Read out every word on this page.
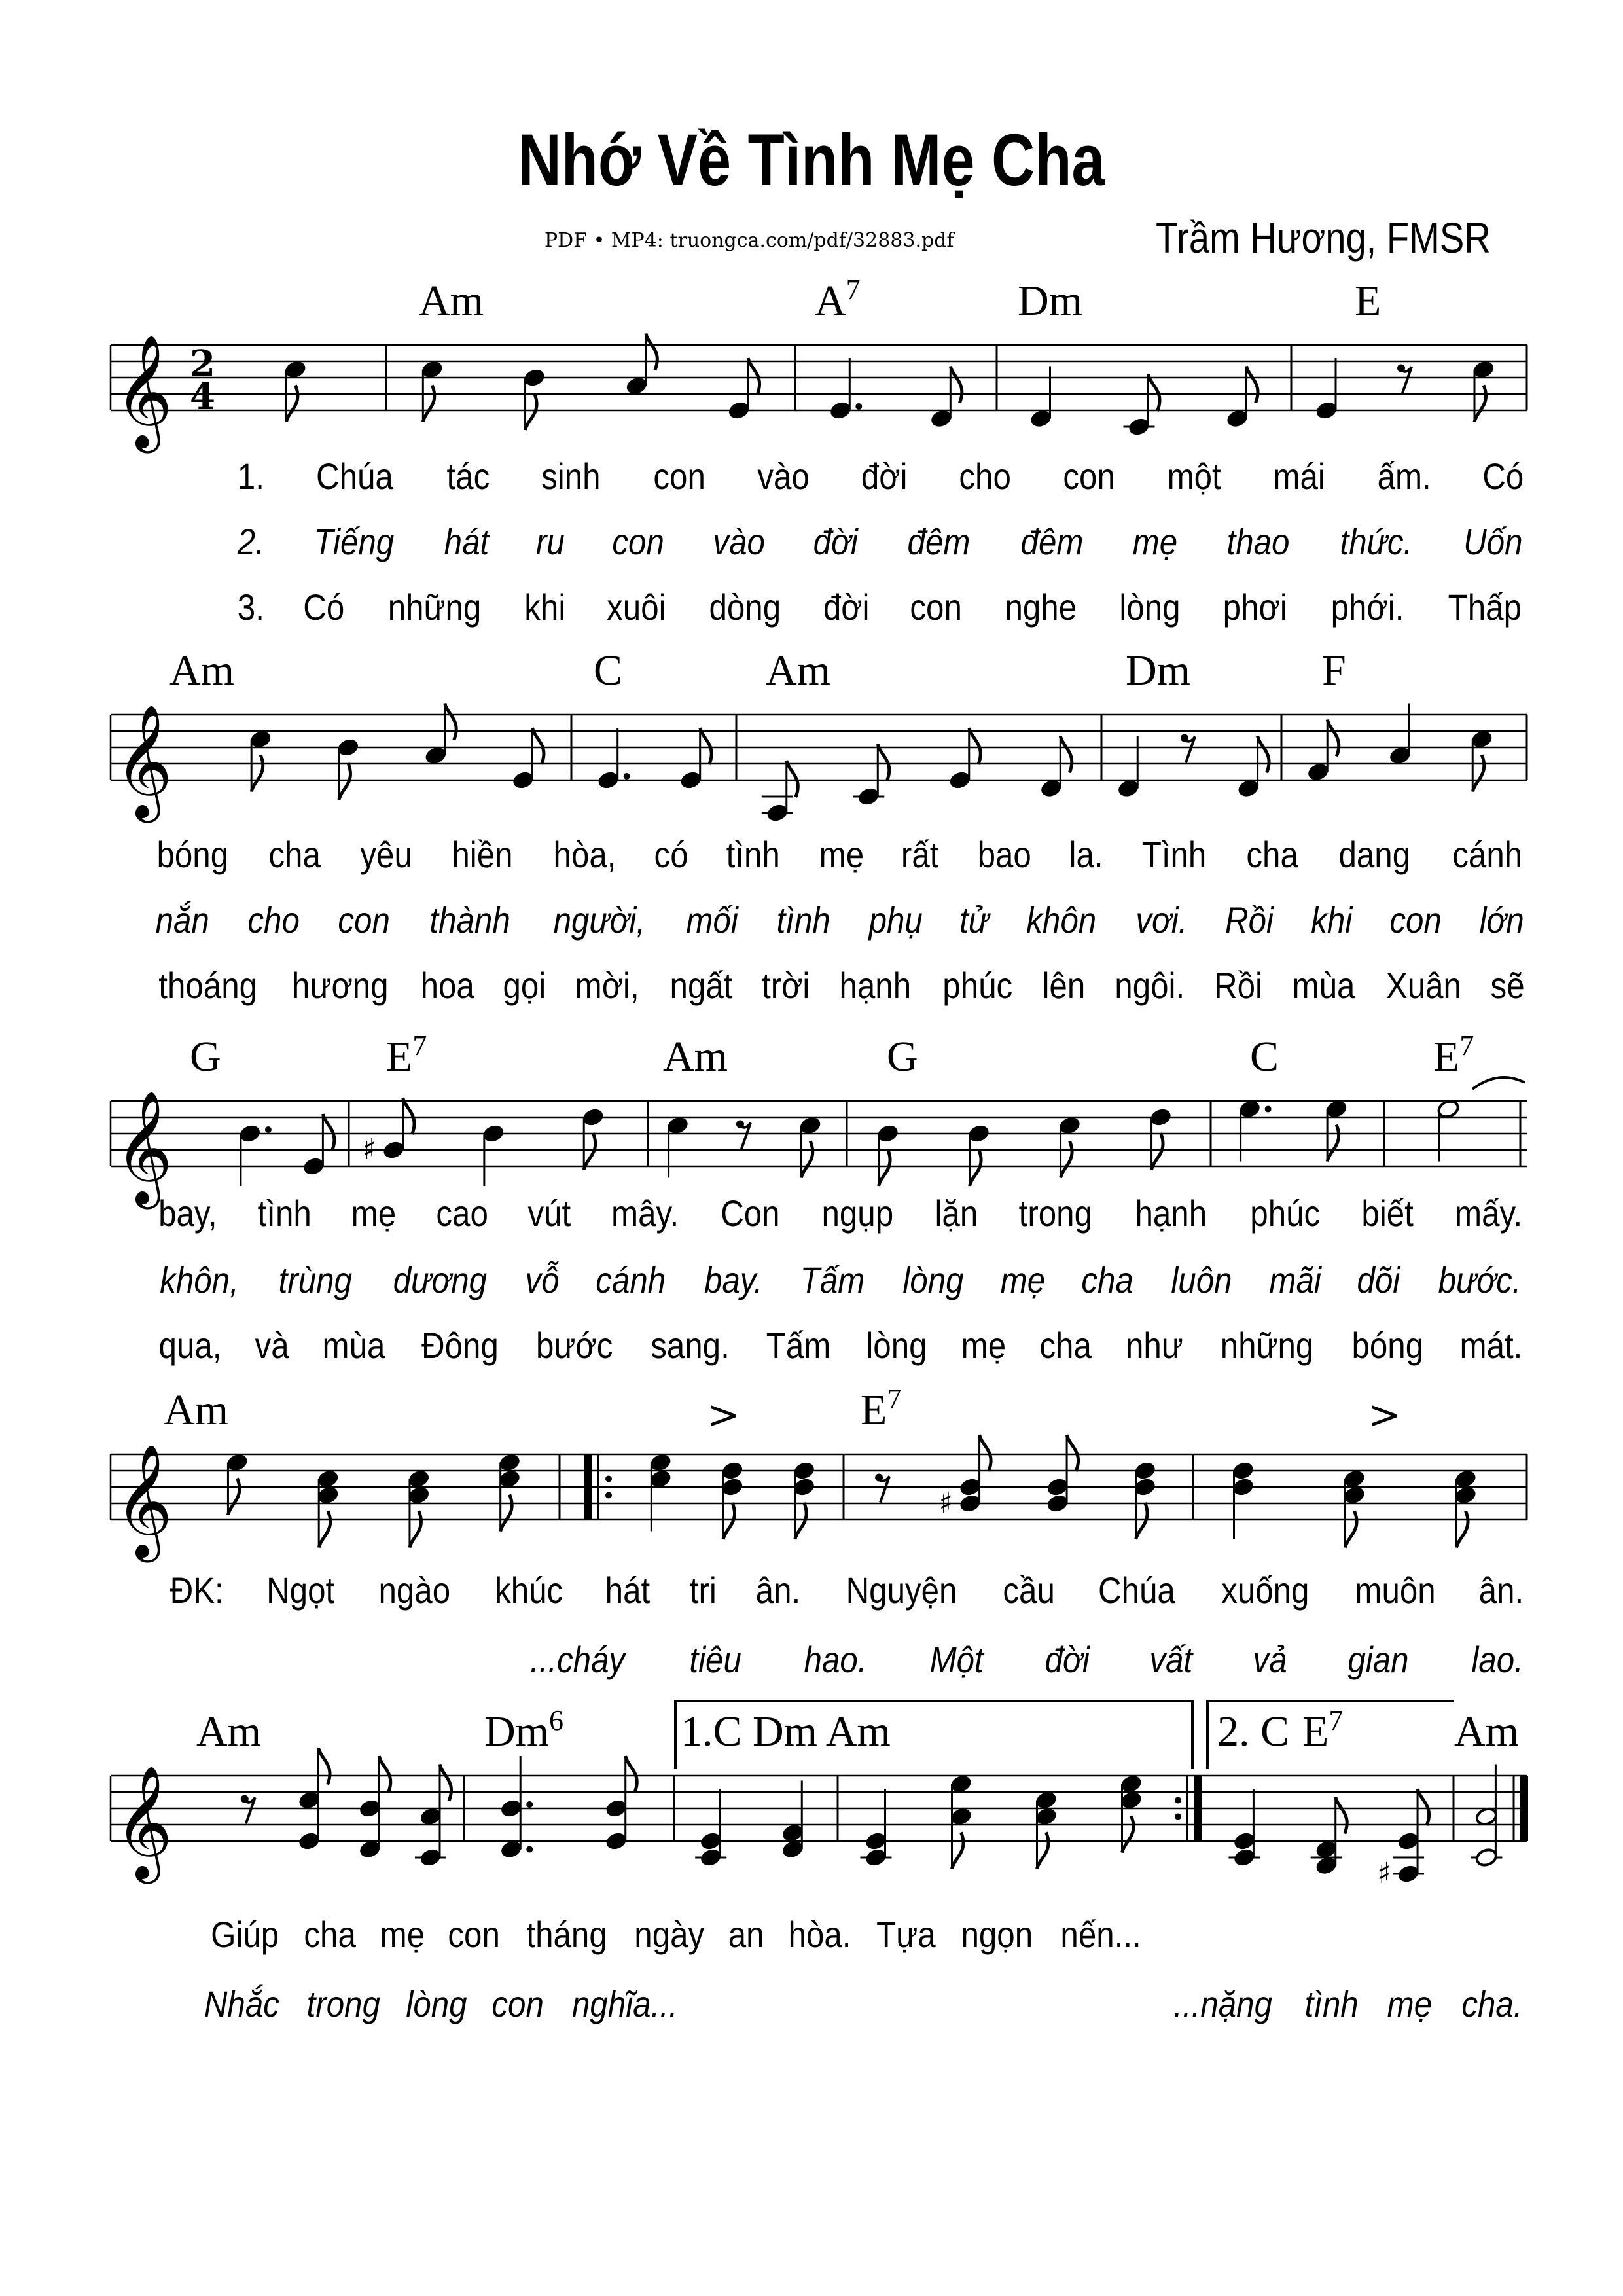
𝄞 2
4
𝄞
𝄞	♯
𝄞
>	>
♯
𝄞	♯
Nhớ Về Tình Mẹ Cha
PDF • MP4: truongca.com/pdf/32883.pdf	Trầm Hương, FMSR
Am	$A^7$	Dm	E
1. Chúa tác sinh con vào đời cho con một mái ấm. Có
2. Tiếng hát ru con vào đời đêm đêm mẹ thao thức. Uốn
3. Có những khi xuôi dòng đời con nghe lòng phơi phới. Thấp
Am	C	Am	Dm	F
bóng cha yêu hiền hòa, có tình mẹ rất bao la. Tình cha dang cánh
nắn cho con thành người, mối tình phụ tử khôn vơi. Rồi khi con lớn
thoáng hương hoa gọi mời, ngất trời hạnh phúc lên ngôi. Rồi mùa Xuân sẽ
G	$E^7$	Am	G	C	$E^7$
bay, tình mẹ cao vút mây. Con ngụp lặn trong hạnh phúc biết mấy.
khôn, trùng dương vỗ cánh bay. Tấm lòng mẹ cha luôn mãi dõi bước.
qua, và mùa Đông bước sang. Tấm lòng mẹ cha như những bóng mát.
Am	$E^7$
ĐK: Ngọt ngào khúc hát tri ân. Nguyện cầu Chúa xuống muôn ân.
...cháy tiêu hao. Một đời vất vả gian lao.
Am	Dm$^6$	1.C Dm Am	2. C $E^7$	Am
Giúp cha mẹ con tháng ngày an hòa. Tựa ngọn nến...
Nhắc trong lòng con nghĩa...	...nặng tình mẹ cha.
